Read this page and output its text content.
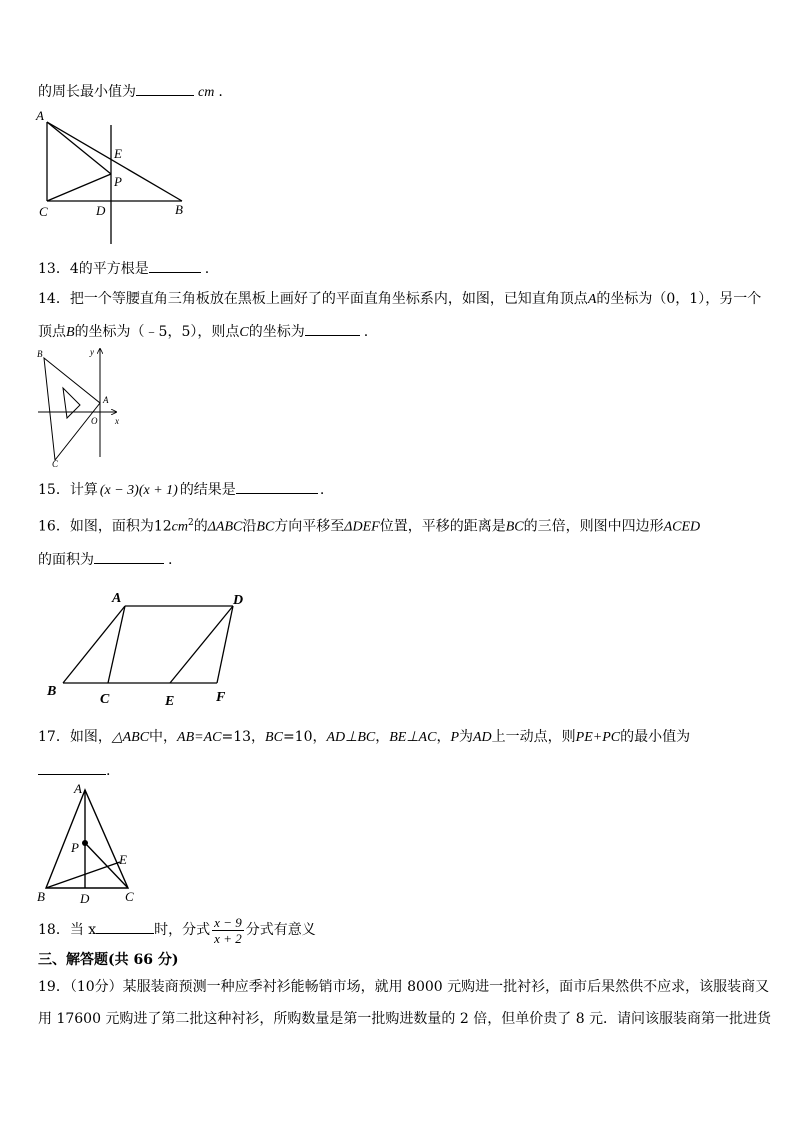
的周长最小值为	cm .
A
E
P
C	D	B
13．4的平方根是	.
14．把一个等腰直角三角板放在黑板上画好了的平面直角坐标系内，如图，已知直角顶点A的坐标为（0，1），另一个
顶点B的坐标为（﹣5，5），则点C的坐标为	.
B	y
A
O x
C
15．计算 (x − 3)(x + 1) 的结果是	.
16．如图，面积为$12cm^2$的ΔABC沿BC方向平移至ΔDEF位置，平移的距离是BC的三倍，则图中四边形ACED
的面积为	.
A	D
B
C	E	F
17．如图，△ABC中，AB=AC=13，BC=10，AD⊥BC，BE⊥AC，P为AD上一动点，则PE+PC的最小值为
.
A
P
E
B	D	C
18．当 x	时，分式 $\frac{x - 9}{x + 2}$ 分式有意义
三、解答题(共 66 分)
19．（10分）某服装商预测一种应季衬衫能畅销市场，就用 8000 元购进一批衬衫，面市后果然供不应求，该服装商又
用 17600 元购进了第二批这种衬衫，所购数量是第一批购进数量的 2 倍，但单价贵了 8 元．请问该服装商第一批进货
